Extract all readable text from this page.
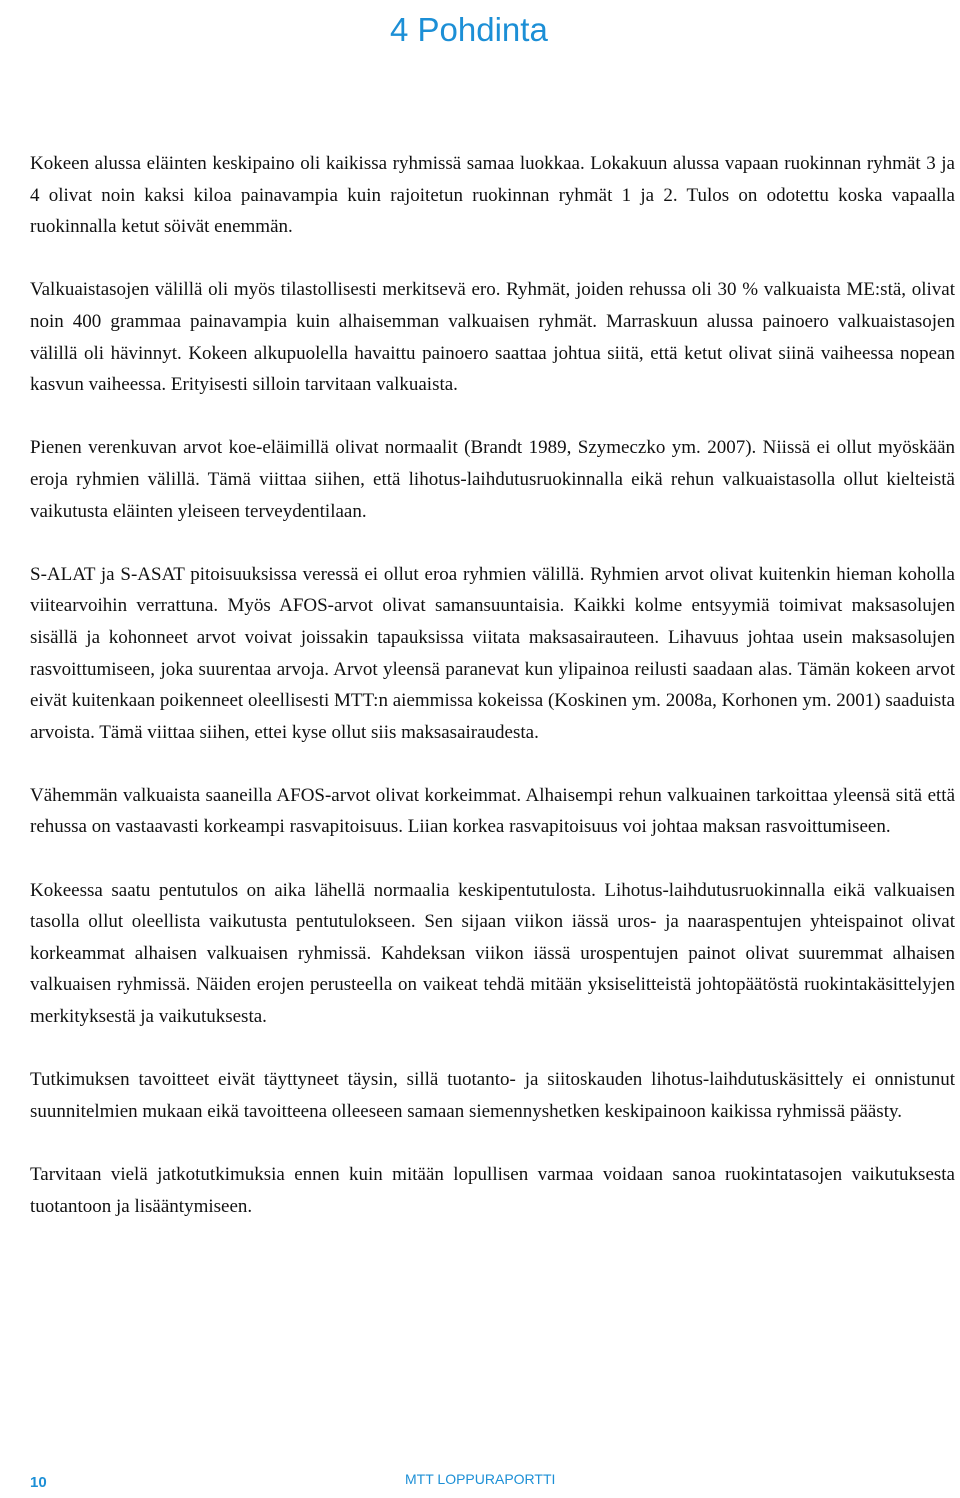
4 Pohdinta

Kokeen alussa eläinten keskipaino oli kaikissa ryhmissä samaa luokkaa. Lokakuun alussa vapaan ruokinnan ryhmät 3 ja 4 olivat noin kaksi kiloa painavampia kuin rajoitetun ruokinnan ryhmät 1 ja 2. Tulos on odotettu koska vapaalla ruokinnalla ketut söivät enemmän.

Valkuaistasojen välillä oli myös tilastollisesti merkitsevä ero. Ryhmät, joiden rehussa oli 30 % valkuaista ME:stä, olivat noin 400 grammaa painavampia kuin alhaisemman valkuaisen ryhmät. Marraskuun alussa painoero valkuaistasojen välillä oli hävinnyt. Kokeen alkupuolella havaittu painoero saattaa johtua siitä, että ketut olivat siinä vaiheessa nopean kasvun vaiheessa. Erityisesti silloin tarvitaan valkuaista.

Pienen verenkuvan arvot koe-eläimillä olivat normaalit (Brandt 1989, Szymeczko ym. 2007). Niissä ei ollut myöskään eroja ryhmien välillä. Tämä viittaa siihen, että lihotus-laihdutusruokinnalla eikä rehun valkuaistasolla ollut kielteistä vaikutusta eläinten yleiseen terveydentilaan.

S-ALAT ja S-ASAT pitoisuuksissa veressä ei ollut eroa ryhmien välillä. Ryhmien arvot olivat kuitenkin hieman koholla viitearvoihin verrattuna. Myös AFOS-arvot olivat samansuuntaisia. Kaikki kolme entsyymiä toimivat maksasolujen sisällä ja kohonneet arvot voivat joissakin tapauksissa viitata maksasairauteen. Lihavuus johtaa usein maksasolujen rasvoittumiseen, joka suurentaa arvoja. Arvot yleensä paranevat kun ylipainoa reilusti saadaan alas. Tämän kokeen arvot eivät kuitenkaan poikenneet oleellisesti MTT:n aiemmissa kokeissa (Koskinen ym. 2008a, Korhonen ym. 2001) saaduista arvoista. Tämä viittaa siihen, ettei kyse ollut siis maksasairaudesta.

Vähemmän valkuaista saaneilla AFOS-arvot olivat korkeimmat. Alhaisempi rehun valkuainen tarkoittaa yleensä sitä että rehussa on vastaavasti korkeampi rasvapitoisuus. Liian korkea rasvapitoisuus voi johtaa maksan rasvoittumiseen.

Kokeessa saatu pentutulos on aika lähellä normaalia keskipentutulosta. Lihotus-laihdutusruokinnalla eikä valkuaisen tasolla ollut oleellista vaikutusta pentutulokseen. Sen sijaan viikon iässä uros- ja naaraspentujen yhteispainot olivat korkeammat alhaisen valkuaisen ryhmissä. Kahdeksan viikon iässä urospentujen painot olivat suuremmat alhaisen valkuaisen ryhmissä. Näiden erojen perusteella on vaikeat tehdä mitään yksiselitteistä johtopäätöstä ruokintakäsittelyjen merkityksestä ja vaikutuksesta.

Tutkimuksen tavoitteet eivät täyttyneet täysin, sillä tuotanto- ja siitoskauden lihotus-laihdutuskäsittely ei onnistunut suunnitelmien mukaan eikä tavoitteena olleeseen samaan siemennyshetken keskipainoon kaikissa ryhmissä päästy.

Tarvitaan vielä jatkotutkimuksia ennen kuin mitään lopullisen varmaa voidaan sanoa ruokintatasojen vaikutuksesta tuotantoon ja lisääntymiseen.

10	MTT LOPPURAPORTTI
